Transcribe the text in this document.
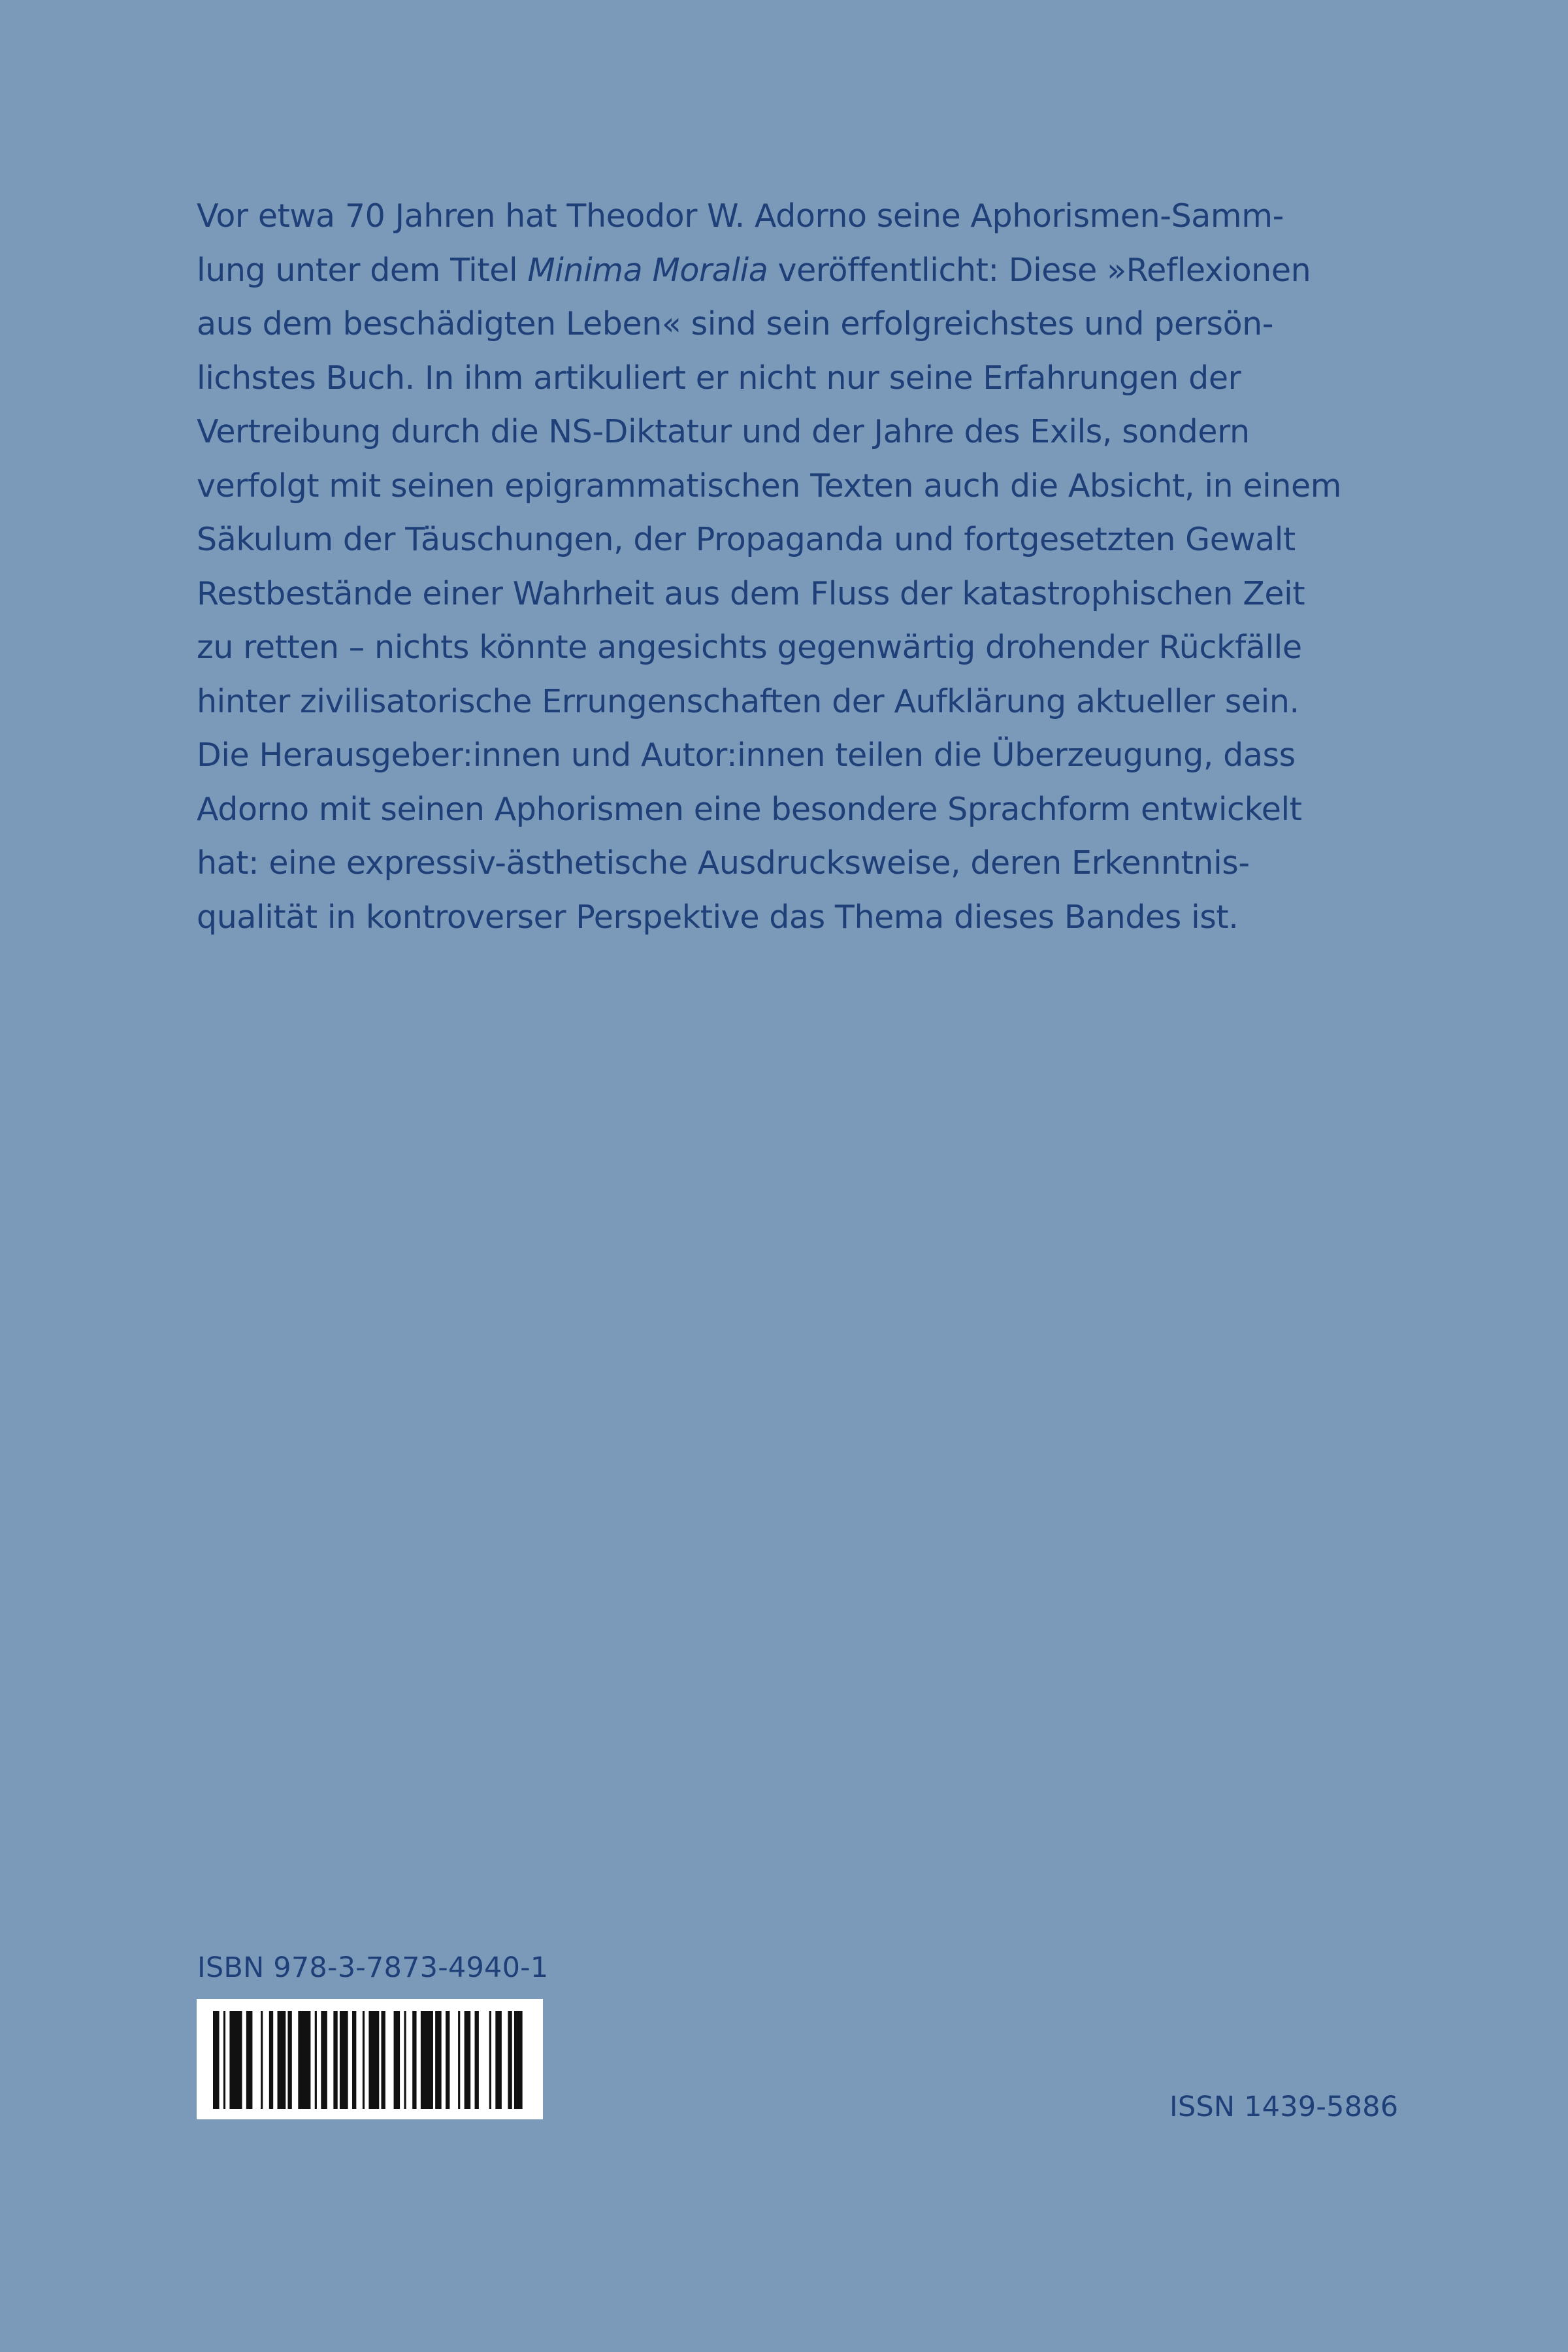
Vor etwa 70 Jahren hat Theodor W. Adorno seine Aphorismen-Samm-
lung unter dem Titel Minima Moralia veröffentlicht: Diese »Reflexionen
aus dem beschädigten Leben« sind sein erfolgreichstes und persön-
lichstes Buch. In ihm artikuliert er nicht nur seine Erfahrungen der
Vertreibung durch die NS-Diktatur und der Jahre des Exils, sondern
verfolgt mit seinen epigrammatischen Texten auch die Absicht, in einem
Säkulum der Täuschungen, der Propaganda und fortgesetzten Gewalt
Restbestände einer Wahrheit aus dem Fluss der katastrophischen Zeit
zu retten – nichts könnte angesichts gegenwärtig drohender Rückfälle
hinter zivilisatorische Errungenschaften der Aufklärung aktueller sein.
Die Herausgeber:innen und Autor:innen teilen die Überzeugung, dass
Adorno mit seinen Aphorismen eine besondere Sprachform entwickelt
hat: eine expressiv-ästhetische Ausdrucksweise, deren Erkenntnis-
qualität in kontroverser Perspektive das Thema dieses Bandes ist.
ISBN 978-3-7873-4940-1
ISSN 1439-5886
